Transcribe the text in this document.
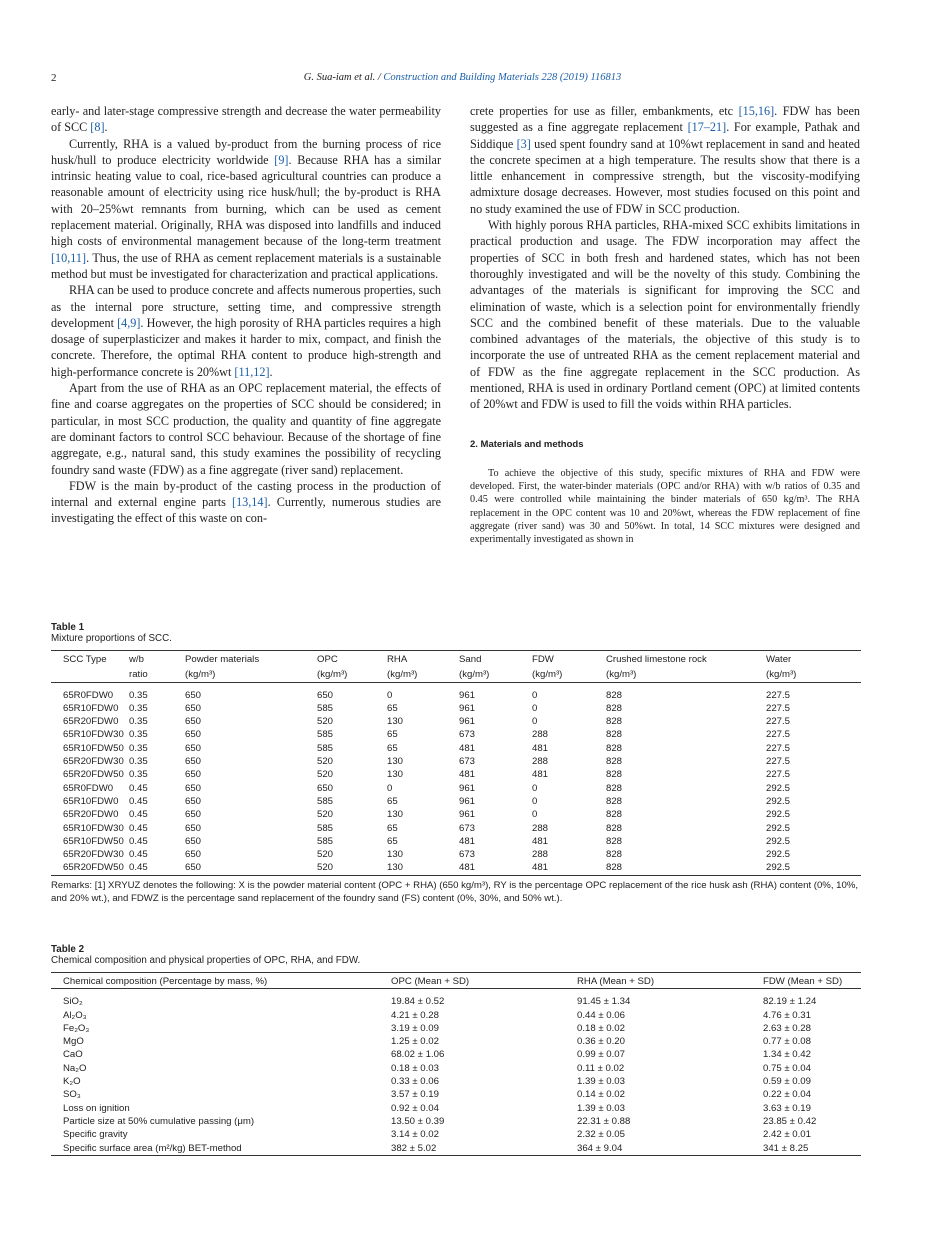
2	G. Sua-iam et al. / Construction and Building Materials 228 (2019) 116813

early- and later-stage compressive strength and decrease the water permeability of SCC [8].

Currently, RHA is a valued by-product from the burning process of rice husk/hull to produce electricity worldwide [9]. Because RHA has a similar intrinsic heating value to coal, rice-based agricultural countries can produce a reasonable amount of electricity using rice husk/hull; the by-product is RHA with 20–25%wt remnants from burning, which can be used as cement replacement material. Originally, RHA was disposed into landfills and induced high costs of environmental management because of the long-term treatment [10,11]. Thus, the use of RHA as cement replacement materials is a sustainable method but must be investigated for characterization and practical applications.

RHA can be used to produce concrete and affects numerous properties, such as the internal pore structure, setting time, and compressive strength development [4,9]. However, the high porosity of RHA particles requires a high dosage of superplasticizer and makes it harder to mix, compact, and finish the concrete. Therefore, the optimal RHA content to produce high-strength and high-performance concrete is 20%wt [11,12].

Apart from the use of RHA as an OPC replacement material, the effects of fine and coarse aggregates on the properties of SCC should be considered; in particular, in most SCC production, the quality and quantity of fine aggregate are dominant factors to control SCC behaviour. Because of the shortage of fine aggregate, e.g., natural sand, this study examines the possibility of recycling foundry sand waste (FDW) as a fine aggregate (river sand) replacement.

FDW is the main by-product of the casting process in the production of internal and external engine parts [13,14]. Currently, numerous studies are investigating the effect of this waste on con-

crete properties for use as filler, embankments, etc [15,16]. FDW has been suggested as a fine aggregate replacement [17–21]. For example, Pathak and Siddique [3] used spent foundry sand at 10%wt replacement in sand and heated the concrete specimen at a high temperature. The results show that there is a little enhancement in compressive strength, but the viscosity-modifying admixture dosage decreases. However, most studies focused on this point and no study examined the use of FDW in SCC production.

With highly porous RHA particles, RHA-mixed SCC exhibits limitations in practical production and usage. The FDW incorporation may affect the properties of SCC in both fresh and hardened states, which has not been thoroughly investigated and will be the novelty of this study. Combining the advantages of the materials is significant for improving the SCC and elimination of waste, which is a selection point for environmentally friendly SCC and the combined benefit of these materials. Due to the valuable combined advantages of the materials, the objective of this study is to incorporate the use of untreated RHA as the cement replacement material and of FDW as the fine aggregate replacement in the SCC production. As mentioned, RHA is used in ordinary Portland cement (OPC) at limited contents of 20%wt and FDW is used to fill the voids within RHA particles.

2. Materials and methods

To achieve the objective of this study, specific mixtures of RHA and FDW were developed. First, the water-binder materials (OPC and/or RHA) with w/b ratios of 0.35 and 0.45 were controlled while maintaining the binder materials of 650 kg/m³. The RHA replacement in the OPC content was 10 and 20%wt, whereas the FDW replacement of fine aggregate (river sand) was 30 and 50%wt. In total, 14 SCC mixtures were designed and experimentally investigated as shown in

Table 1
Mixture proportions of SCC.
SCC Type	w/b	Powder materials	OPC	RHA	Sand	FDW	Crushed limestone rock	Water
	ratio	(kg/m³)	(kg/m³)	(kg/m³)	(kg/m³)	(kg/m³)	(kg/m³)	(kg/m³)

65R0FDW0	0.35	650	650	0	961	0	828	227.5
65R10FDW0	0.35	650	585	65	961	0	828	227.5
65R20FDW0	0.35	650	520	130	961	0	828	227.5
65R10FDW30	0.35	650	585	65	673	288	828	227.5
65R10FDW50	0.35	650	585	65	481	481	828	227.5
65R20FDW30	0.35	650	520	130	673	288	828	227.5
65R20FDW50	0.35	650	520	130	481	481	828	227.5
65R0FDW0	0.45	650	650	0	961	0	828	292.5
65R10FDW0	0.45	650	585	65	961	0	828	292.5
65R20FDW0	0.45	650	520	130	961	0	828	292.5
65R10FDW30	0.45	650	585	65	673	288	828	292.5
65R10FDW50	0.45	650	585	65	481	481	828	292.5
65R20FDW30	0.45	650	520	130	673	288	828	292.5
65R20FDW50	0.45	650	520	130	481	481	828	292.5
Remarks: [1] XRYUZ denotes the following: X is the powder material content (OPC + RHA) (650 kg/m³), RY is the percentage OPC replacement of the rice husk ash (RHA) content (0%, 10%, and 20% wt.), and FDWZ is the percentage sand replacement of the foundry sand (FS) content (0%, 30%, and 50% wt.).
Table 2
Chemical composition and physical properties of OPC, RHA, and FDW.
Chemical composition (Percentage by mass, %)	OPC (Mean + SD)	RHA (Mean + SD)	FDW (Mean + SD)

SiO₂	19.84 ± 0.52	91.45 ± 1.34	82.19 ± 1.24
Al₂O₃	4.21 ± 0.28	0.44 ± 0.06	4.76 ± 0.31
Fe₂O₃	3.19 ± 0.09	0.18 ± 0.02	2.63 ± 0.28
MgO	1.25 ± 0.02	0.36 ± 0.20	0.77 ± 0.08
CaO	68.02 ± 1.06	0.99 ± 0.07	1.34 ± 0.42
Na₂O	0.18 ± 0.03	0.11 ± 0.02	0.75 ± 0.04
K₂O	0.33 ± 0.06	1.39 ± 0.03	0.59 ± 0.09
SO₃	3.57 ± 0.19	0.14 ± 0.02	0.22 ± 0.04
Loss on ignition	0.92 ± 0.04	1.39 ± 0.03	3.63 ± 0.19
Particle size at 50% cumulative passing (μm)	13.50 ± 0.39	22.31 ± 0.88	23.85 ± 0.42
Specific gravity	3.14 ± 0.02	2.32 ± 0.05	2.42 ± 0.01
Specific surface area (m²/kg) BET-method	382 ± 5.02	364 ± 9.04	341 ± 8.25
